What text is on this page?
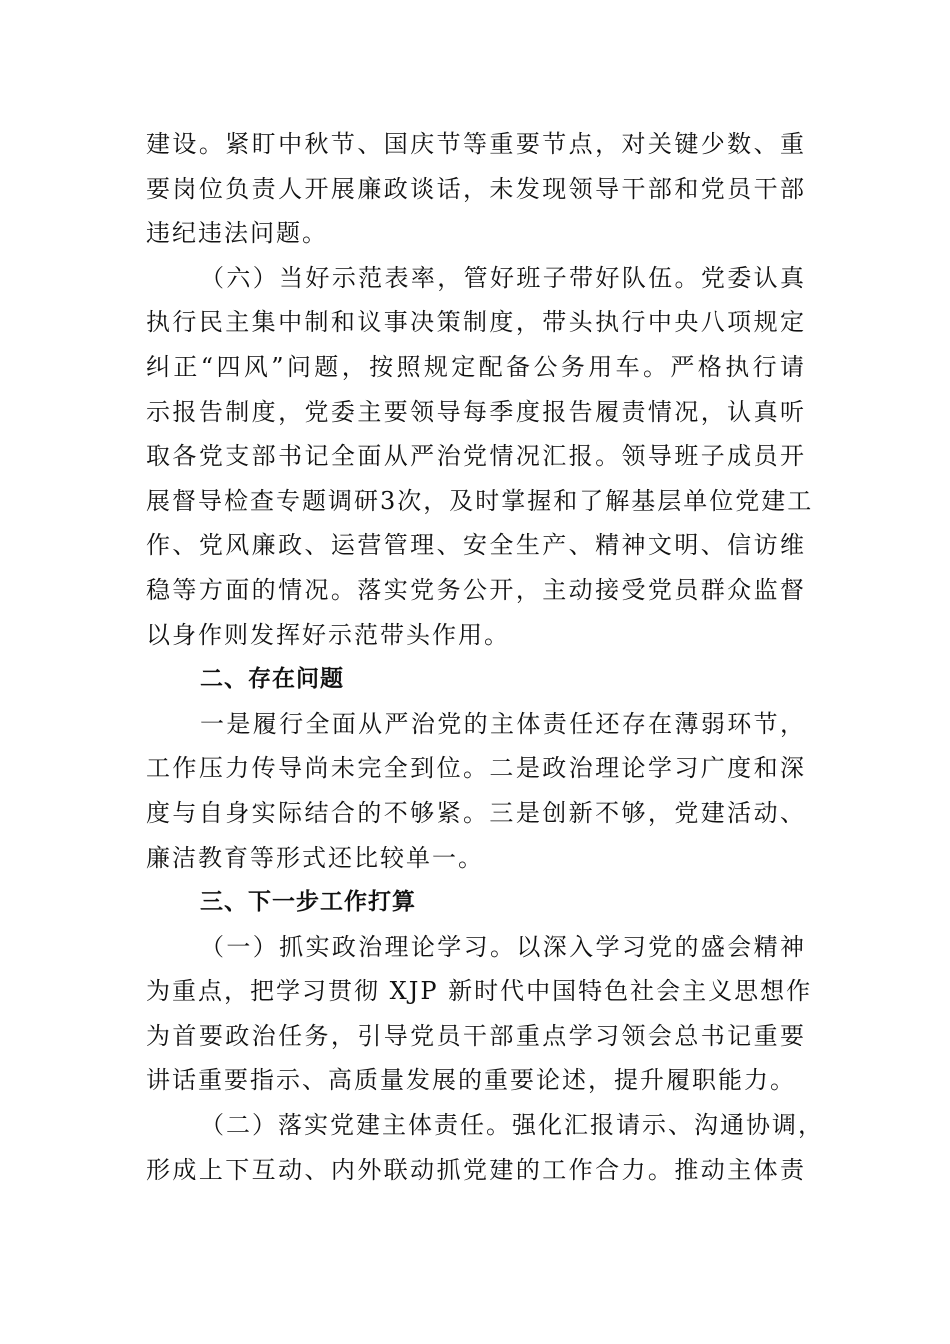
建设。紧盯中秋节、国庆节等重要节点，对关键少数、重
要岗位负责人开展廉政谈话，未发现领导干部和党员干部
违纪违法问题。
（六）当好示范表率，管好班子带好队伍。党委认真
执行民主集中制和议事决策制度，带头执行中央八项规定
纠正“四风”问题，按照规定配备公务用车。严格执行请
示报告制度，党委主要领导每季度报告履责情况，认真听
取各党支部书记全面从严治党情况汇报。领导班子成员开
展督导检查专题调研3次，及时掌握和了解基层单位党建工
作、党风廉政、运营管理、安全生产、精神文明、信访维
稳等方面的情况。落实党务公开，主动接受党员群众监督
以身作则发挥好示范带头作用。
二、存在问题
一是履行全面从严治党的主体责任还存在薄弱环节，
工作压力传导尚未完全到位。二是政治理论学习广度和深
度与自身实际结合的不够紧。三是创新不够，党建活动、
廉洁教育等形式还比较单一。
三、下一步工作打算
（一）抓实政治理论学习。以深入学习党的盛会精神
为重点，把学习贯彻 XJP 新时代中国特色社会主义思想作
为首要政治任务，引导党员干部重点学习领会总书记重要
讲话重要指示、高质量发展的重要论述，提升履职能力。
（二）落实党建主体责任。强化汇报请示、沟通协调，
形成上下互动、内外联动抓党建的工作合力。推动主体责
